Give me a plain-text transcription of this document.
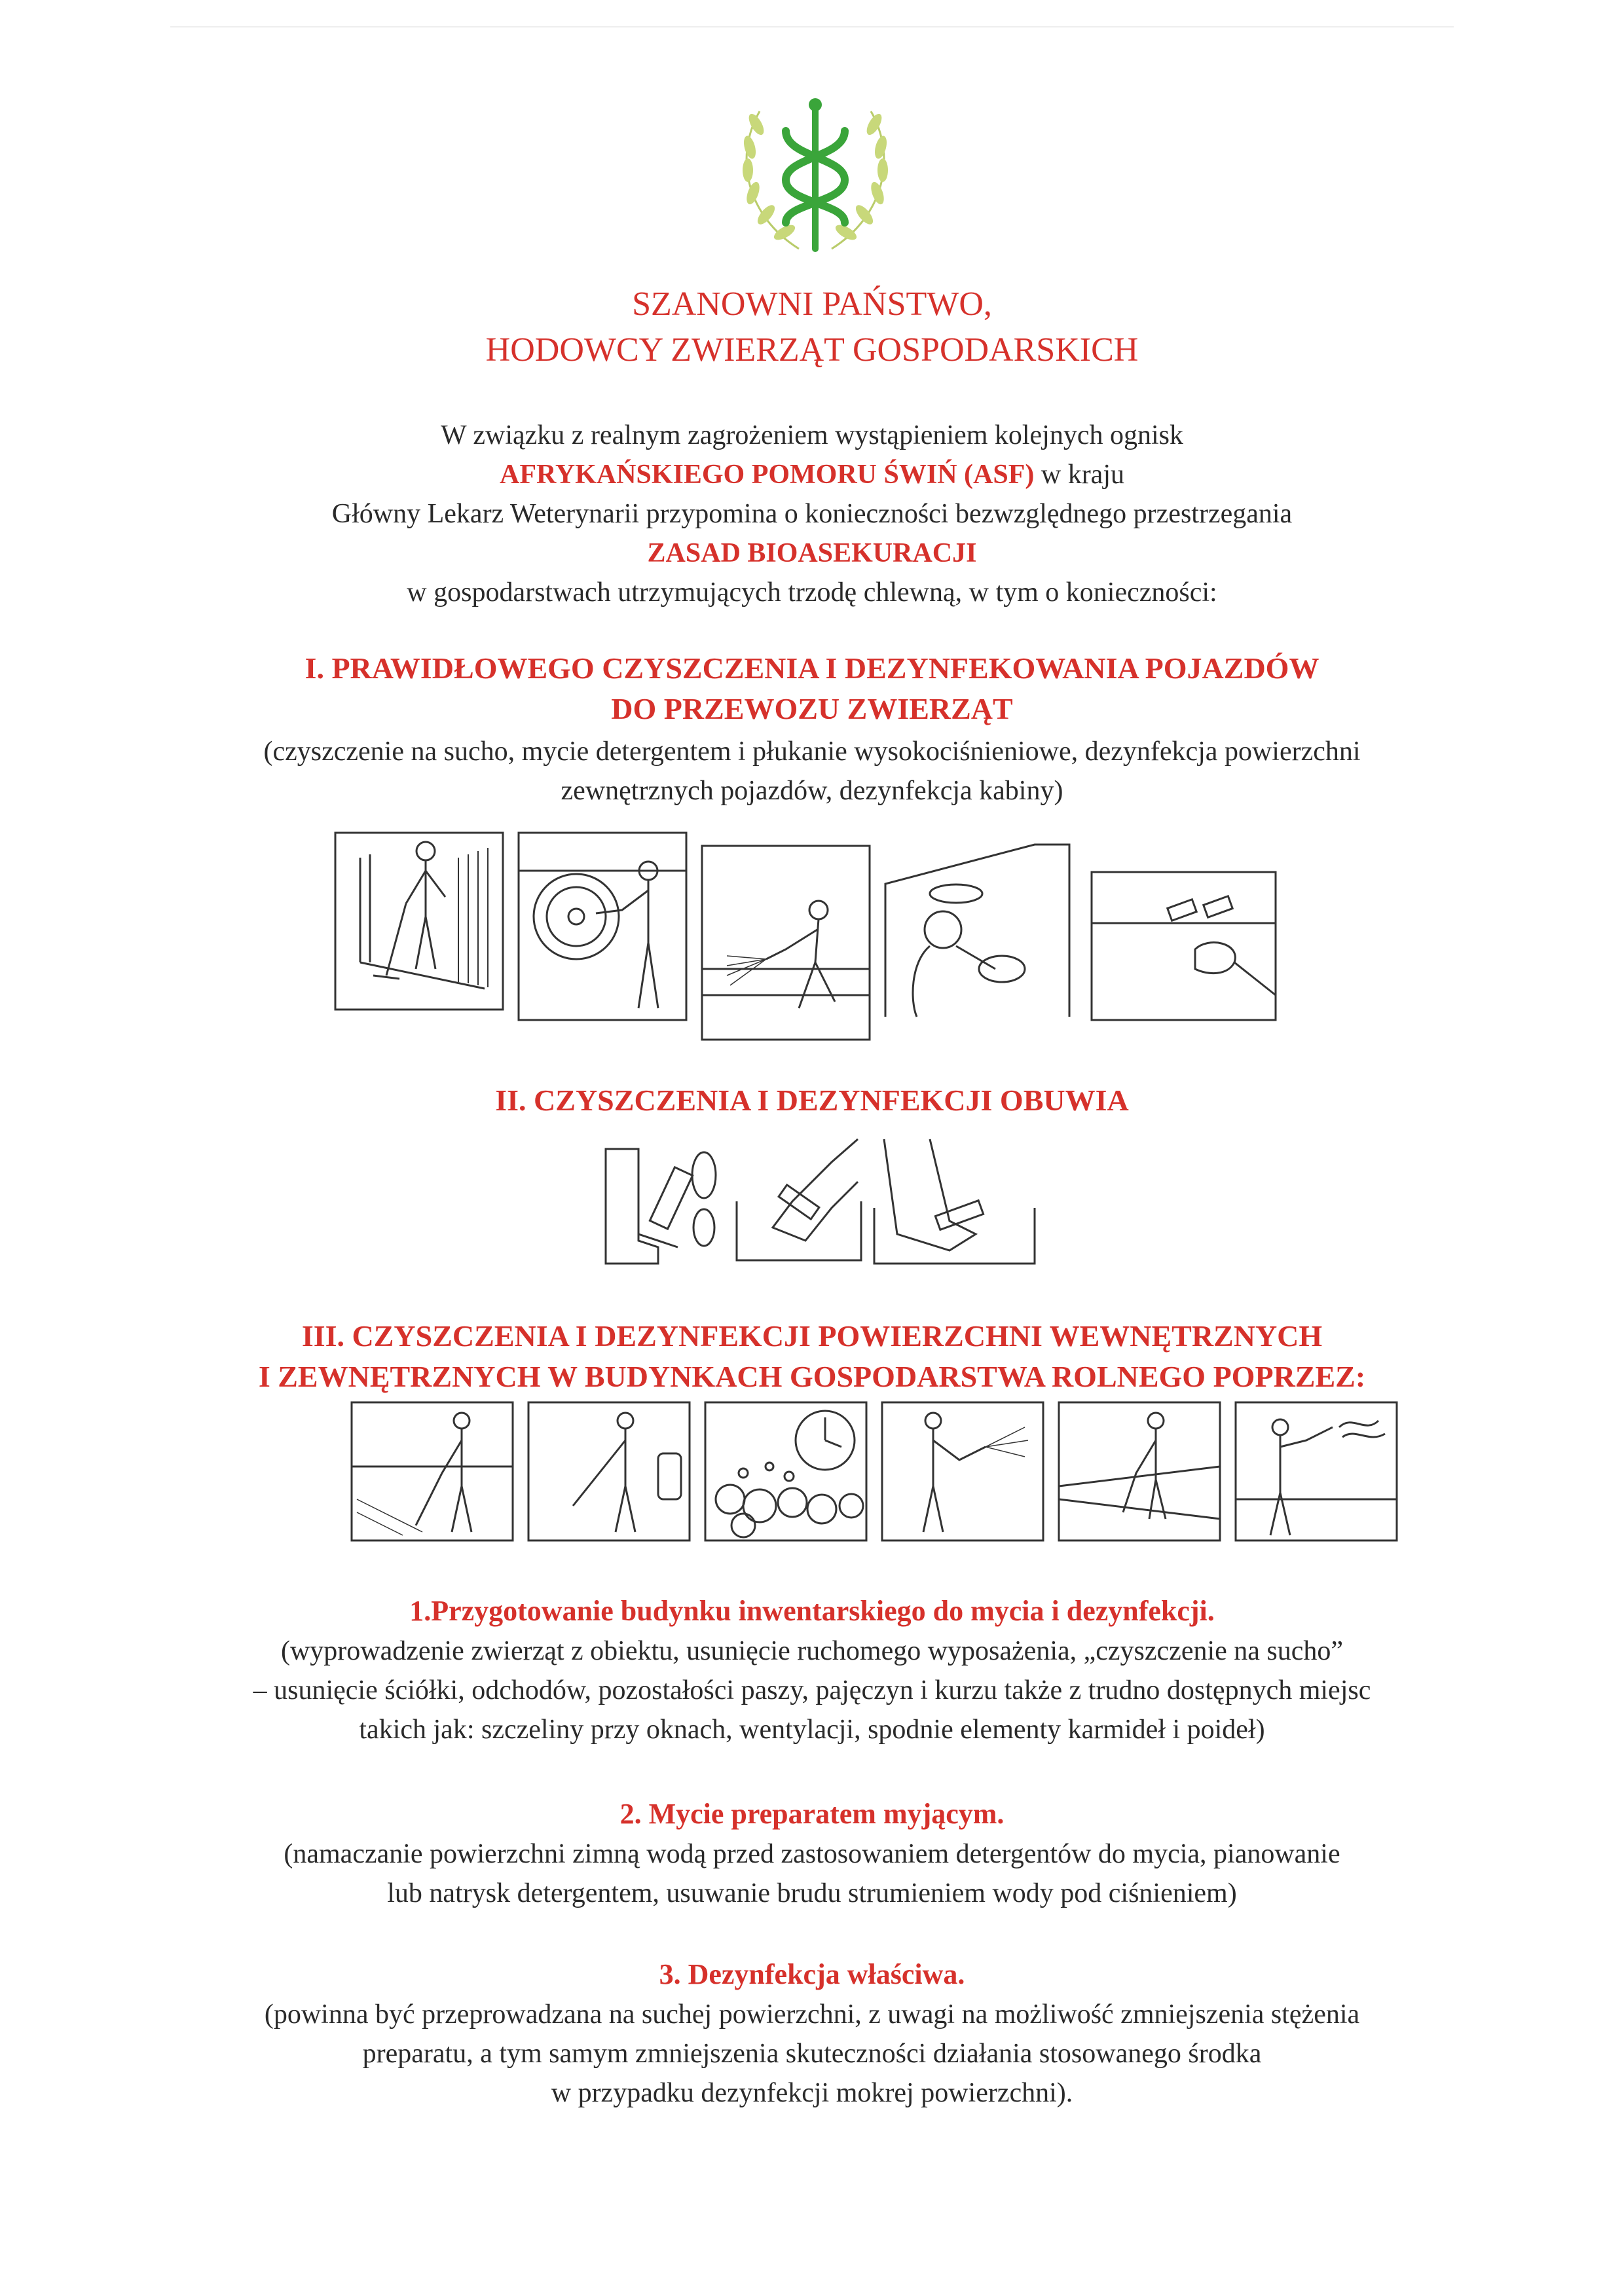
SZANOWNI PAŃSTWO,
HODOWCY ZWIERZĄT GOSPODARSKICH
W związku z realnym zagrożeniem wystąpieniem kolejnych ognisk
AFRYKAŃSKIEGO POMORU ŚWIŃ (ASF) w kraju
Główny Lekarz Weterynarii przypomina o konieczności bezwzględnego przestrzegania
ZASAD BIOASEKURACJI
w gospodarstwach utrzymujących trzodę chlewną, w tym o konieczności:
I. PRAWIDŁOWEGO CZYSZCZENIA I DEZYNFEKOWANIA POJAZDÓW
DO PRZEWOZU ZWIERZĄT
(czyszczenie na sucho, mycie detergentem i płukanie wysokociśnieniowe, dezynfekcja powierzchni
zewnętrznych pojazdów, dezynfekcja kabiny)
II. CZYSZCZENIA I DEZYNFEKCJI OBUWIA
III. CZYSZCZENIA I DEZYNFEKCJI POWIERZCHNI WEWNĘTRZNYCH
I ZEWNĘTRZNYCH W BUDYNKACH GOSPODARSTWA ROLNEGO POPRZEZ:
1.Przygotowanie budynku inwentarskiego do mycia i dezynfekcji.
(wyprowadzenie zwierząt z obiektu, usunięcie ruchomego wyposażenia, „czyszczenie na sucho”
– usunięcie ściółki, odchodów, pozostałości paszy, pajęczyn i kurzu także z trudno dostępnych miejsc
takich jak: szczeliny przy oknach, wentylacji, spodnie elementy karmideł i poideł)
2. Mycie preparatem myjącym.
(namaczanie powierzchni zimną wodą przed zastosowaniem detergentów do mycia, pianowanie
lub natrysk detergentem, usuwanie brudu strumieniem wody pod ciśnieniem)
3. Dezynfekcja właściwa.
(powinna być przeprowadzana na suchej powierzchni, z uwagi na możliwość zmniejszenia stężenia
preparatu, a tym samym zmniejszenia skuteczności działania stosowanego środka
w przypadku dezynfekcji mokrej powierzchni).
